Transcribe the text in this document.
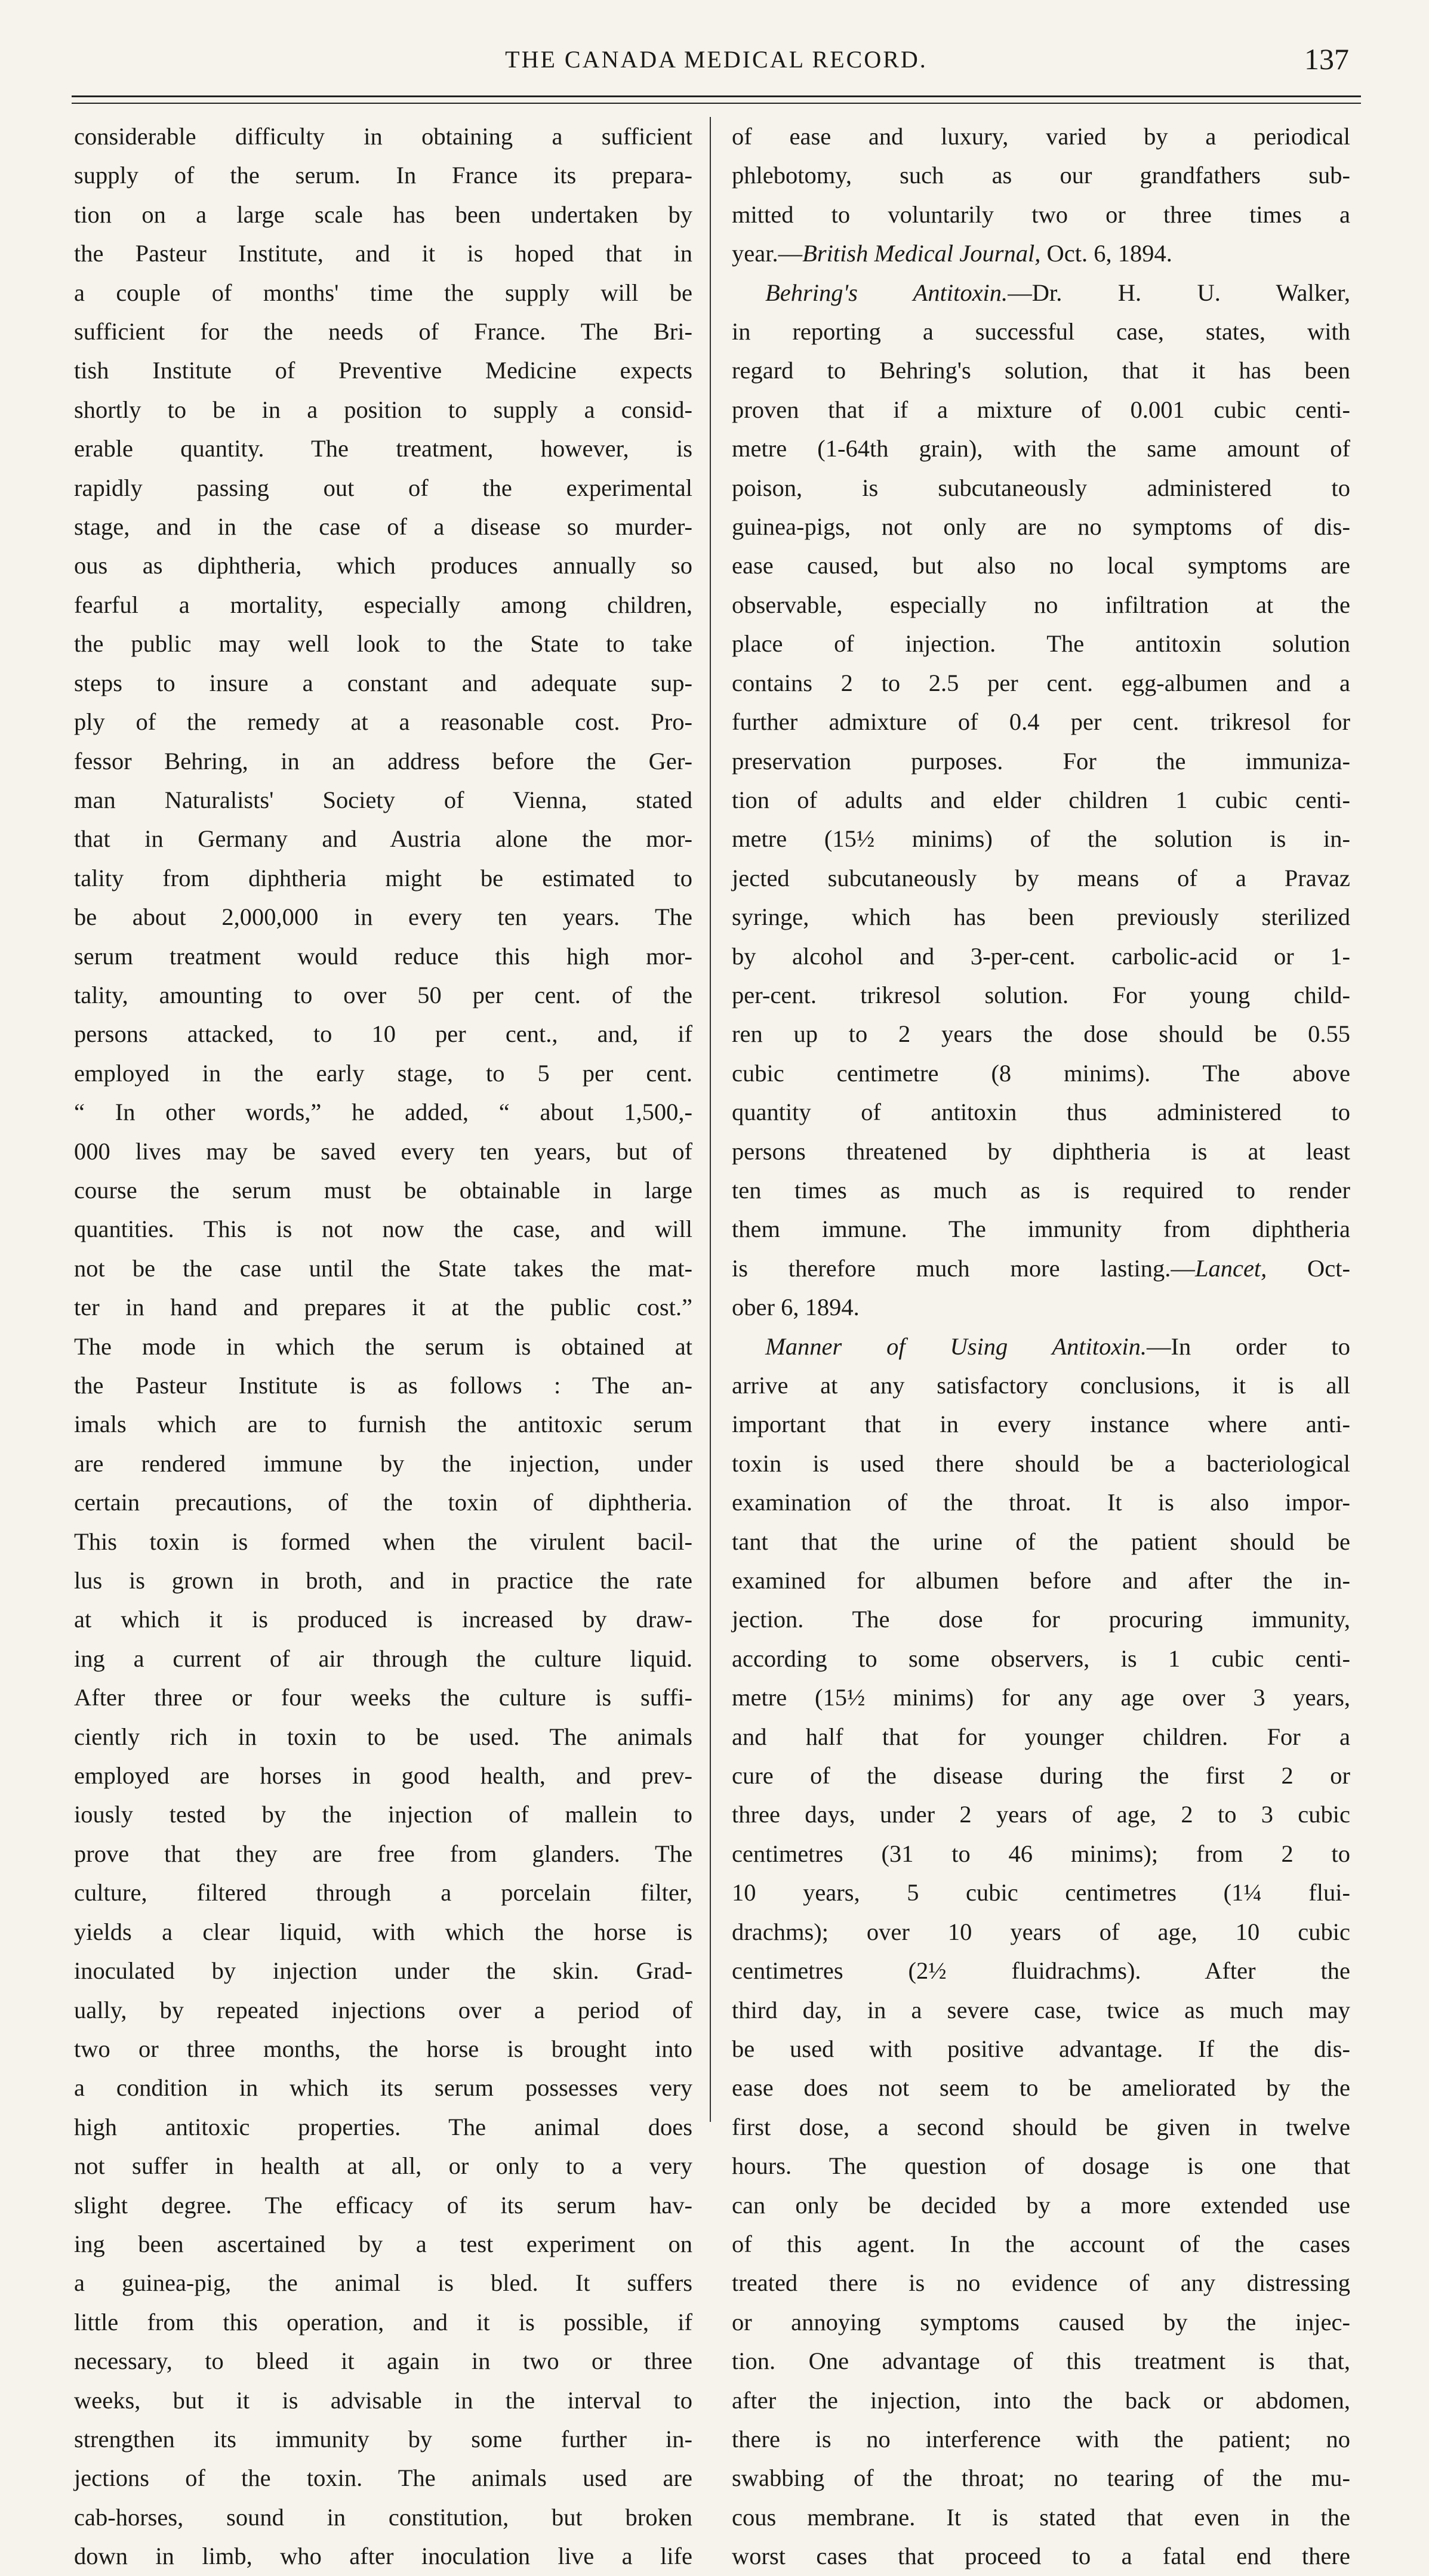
THE CANADA MEDICAL RECORD.	137

considerable difficulty in obtaining a sufficient

supply of the serum. In France its prepara-

tion on a large scale has been undertaken by

the Pasteur Institute, and it is hoped that in

a couple of months' time the supply will be

sufficient for the needs of France. The Bri-

tish Institute of Preventive Medicine expects

shortly to be in a position to supply a consid-

erable quantity. The treatment, however, is

rapidly passing out of the experimental

stage, and in the case of a disease so murder-

ous as diphtheria, which produces annually so

fearful a mortality, especially among children,

the public may well look to the State to take

steps to insure a constant and adequate sup-

ply of the remedy at a reasonable cost. Pro-

fessor Behring, in an address before the Ger-

man Naturalists' Society of Vienna, stated

that in Germany and Austria alone the mor-

tality from diphtheria might be estimated to

be about 2,000,000 in every ten years. The

serum treatment would reduce this high mor-

tality, amounting to over 50 per cent. of the

persons attacked, to 10 per cent., and, if

employed in the early stage, to 5 per cent.

“ In other words,” he added, “ about 1,500,-

000 lives may be saved every ten years, but of

course the serum must be obtainable in large

quantities. This is not now the case, and will

not be the case until the State takes the mat-

ter in hand and prepares it at the public cost.”

The mode in which the serum is obtained at

the Pasteur Institute is as follows : The an-

imals which are to furnish the antitoxic serum

are rendered immune by the injection, under

certain precautions, of the toxin of diphtheria.

This toxin is formed when the virulent bacil-

lus is grown in broth, and in practice the rate

at which it is produced is increased by draw-

ing a current of air through the culture liquid.

After three or four weeks the culture is suffi-

ciently rich in toxin to be used. The animals

employed are horses in good health, and prev-

iously tested by the injection of mallein to

prove that they are free from glanders. The

culture, filtered through a porcelain filter,

yields a clear liquid, with which the horse is

inoculated by injection under the skin. Grad-

ually, by repeated injections over a period of

two or three months, the horse is brought into

a condition in which its serum possesses very

high antitoxic properties. The animal does

not suffer in health at all, or only to a very

slight degree. The efficacy of its serum hav-

ing been ascertained by a test experiment on

a guinea-pig, the animal is bled. It suffers

little from this operation, and it is possible, if

necessary, to bleed it again in two or three

weeks, but it is advisable in the interval to

strengthen its immunity by some further in-

jections of the toxin. The animals used are

cab-horses, sound in constitution, but broken

down in limb, who after inoculation live a life

of ease and luxury, varied by a periodical

phlebotomy, such as our grandfathers sub-

mitted to voluntarily two or three times a

year.—British Medical Journal, Oct. 6, 1894.

Behring's Antitoxin.—Dr. H. U. Walker,

in reporting a successful case, states, with

regard to Behring's solution, that it has been

proven that if a mixture of 0.001 cubic centi-

metre (1-64th grain), with the same amount of

poison, is subcutaneously administered to

guinea-pigs, not only are no symptoms of dis-

ease caused, but also no local symptoms are

observable, especially no infiltration at the

place of injection. The antitoxin solution

contains 2 to 2.5 per cent. egg-albumen and a

further admixture of 0.4 per cent. trikresol for

preservation purposes. For the immuniza-

tion of adults and elder children 1 cubic centi-

metre (15½ minims) of the solution is in-

jected subcutaneously by means of a Pravaz

syringe, which has been previously sterilized

by alcohol and 3-per-cent. carbolic-acid or 1-

per-cent. trikresol solution. For young child-

ren up to 2 years the dose should be 0.55

cubic centimetre (8 minims). The above

quantity of antitoxin thus administered to

persons threatened by diphtheria is at least

ten times as much as is required to render

them immune. The immunity from diphtheria

is therefore much more lasting.—Lancet, Oct-

ober 6, 1894.

Manner of Using Antitoxin.—In order to

arrive at any satisfactory conclusions, it is all

important that in every instance where anti-

toxin is used there should be a bacteriological

examination of the throat. It is also impor-

tant that the urine of the patient should be

examined for albumen before and after the in-

jection. The dose for procuring immunity,

according to some observers, is 1 cubic centi-

metre (15½ minims) for any age over 3 years,

and half that for younger children. For a

cure of the disease during the first 2 or

three days, under 2 years of age, 2 to 3 cubic

centimetres (31 to 46 minims); from 2 to

10 years, 5 cubic centimetres (1¼ flui-

drachms); over 10 years of age, 10 cubic

centimetres (2½ fluidrachms). After the

third day, in a severe case, twice as much may

be used with positive advantage. If the dis-

ease does not seem to be ameliorated by the

first dose, a second should be given in twelve

hours. The question of dosage is one that

can only be decided by a more extended use

of this agent. In the account of the cases

treated there is no evidence of any distressing

or annoying symptoms caused by the injec-

tion. One advantage of this treatment is that,

after the injection, into the back or abdomen,

there is no interference with the patient; no

swabbing of the throat; no tearing of the mu-

cous membrane. It is stated that even in the

worst cases that proceed to a fatal end there
